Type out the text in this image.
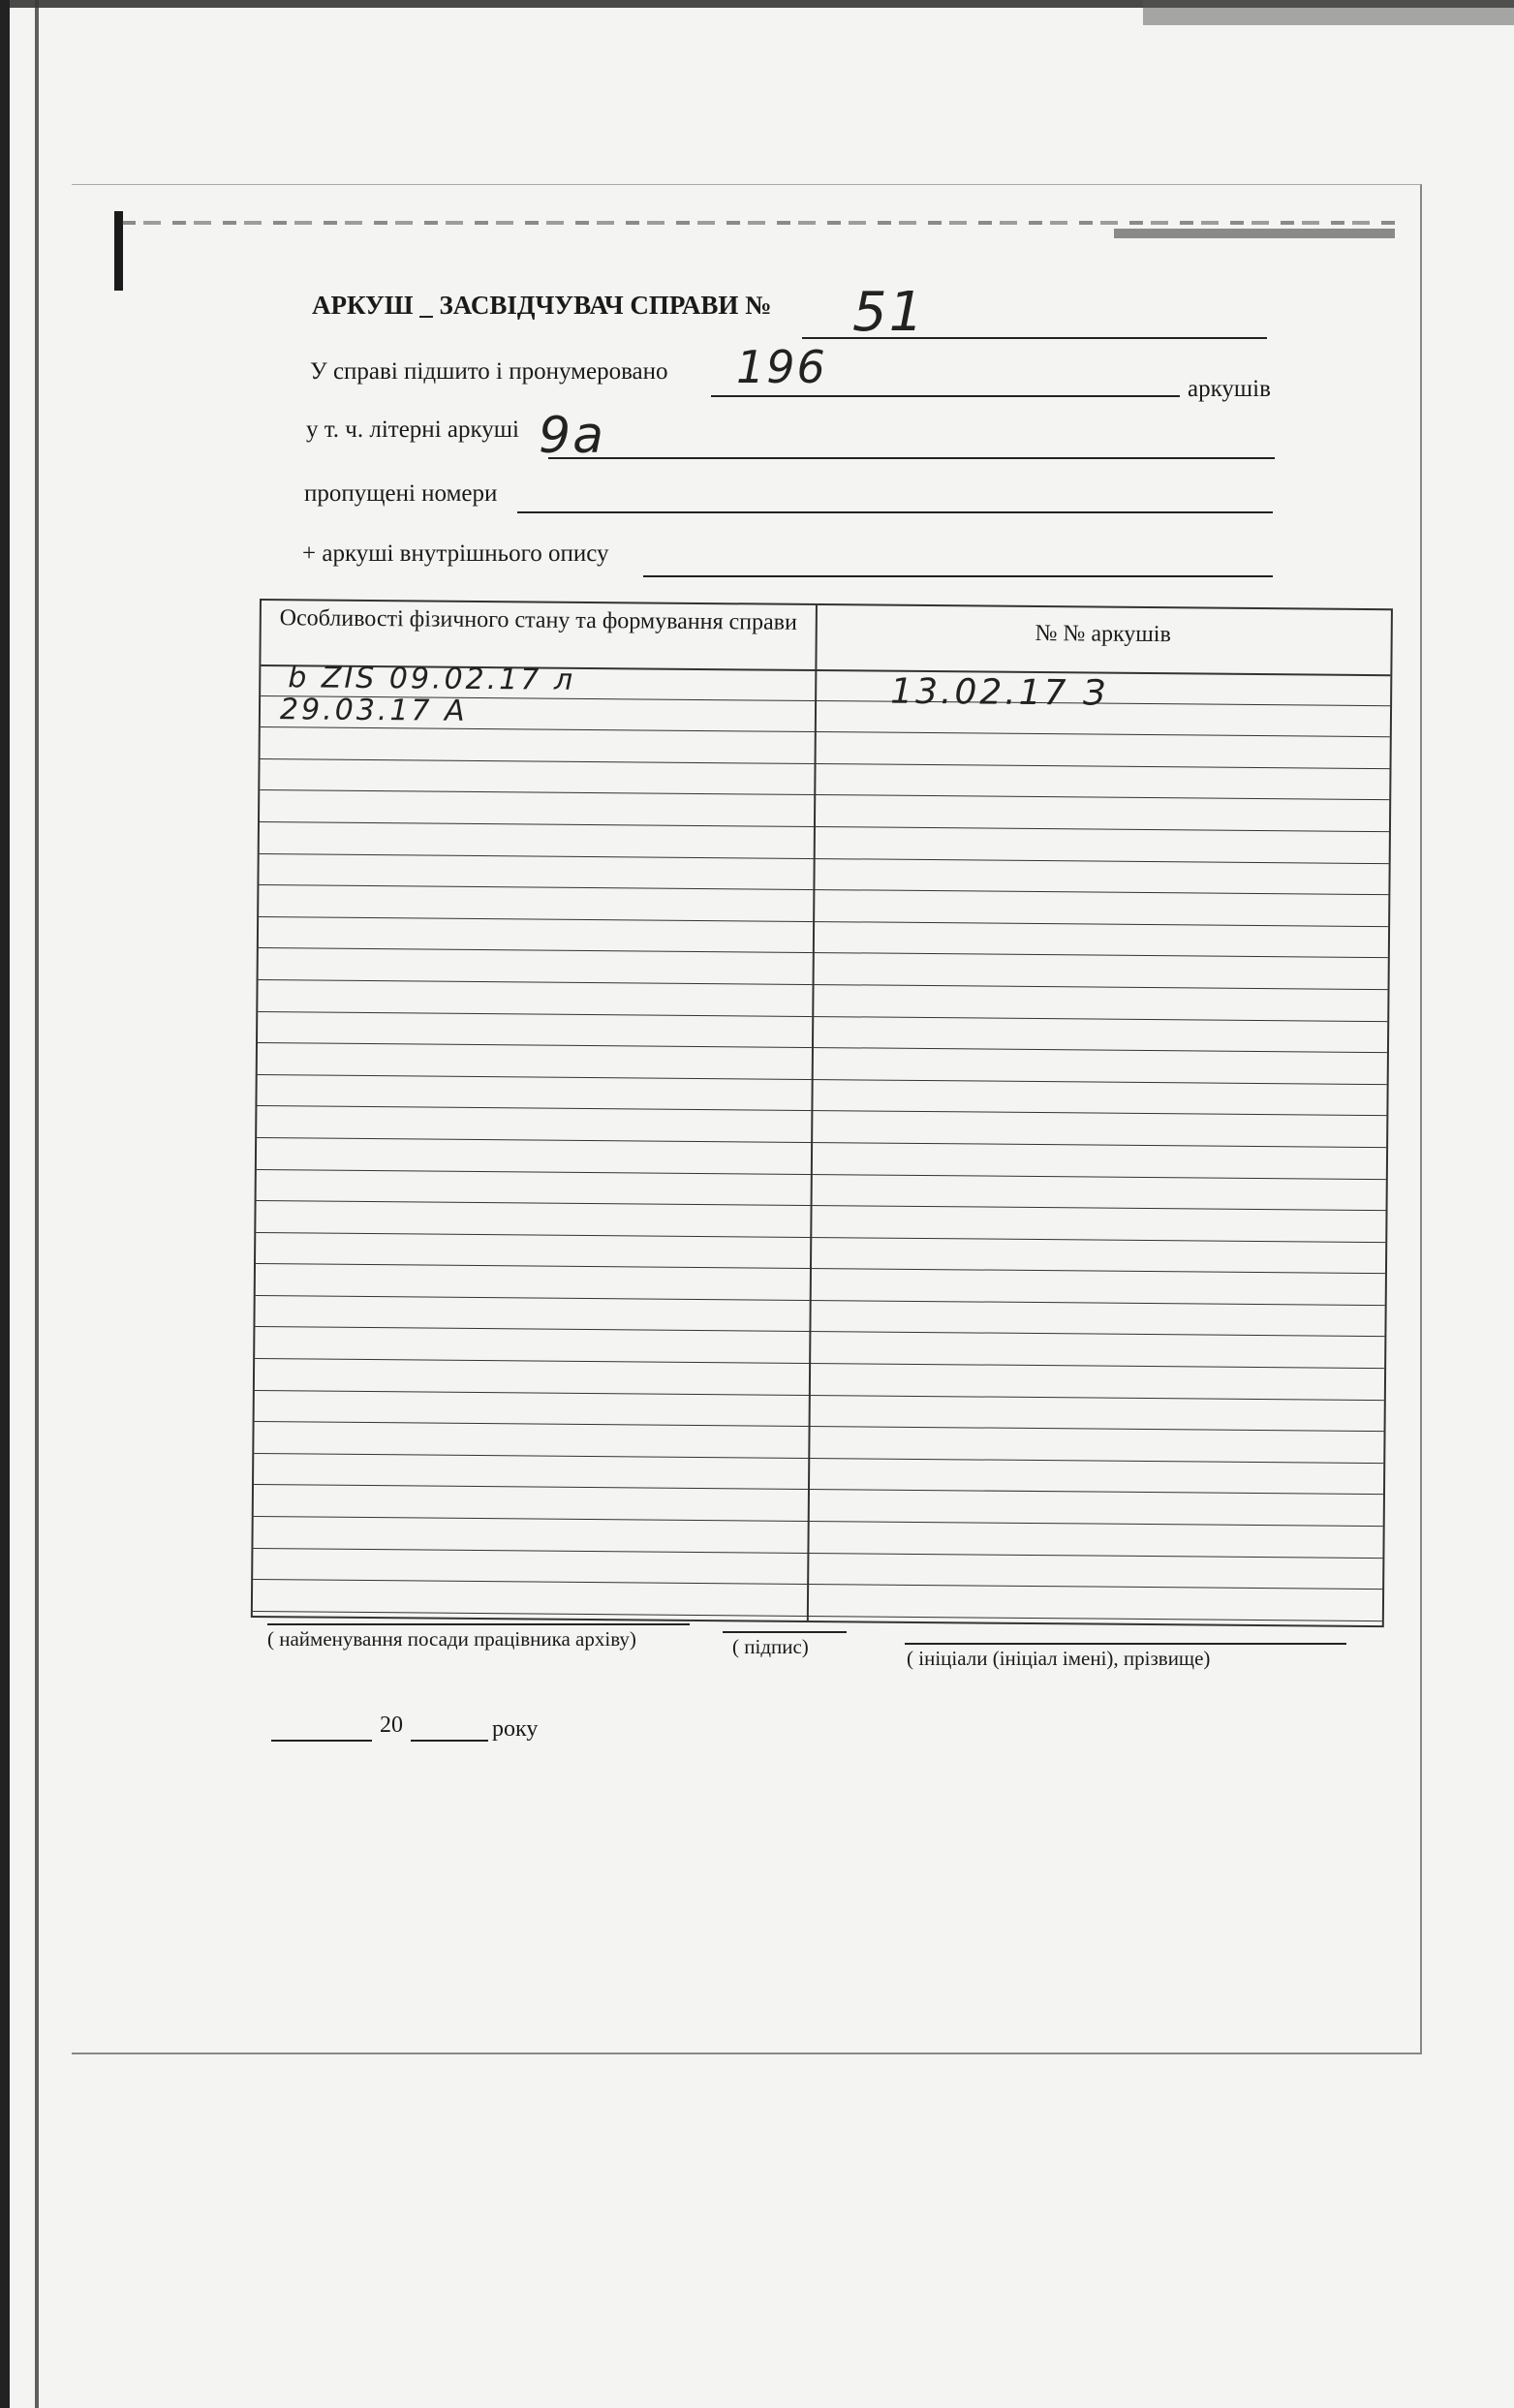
АРКУШ _ ЗАСВІДЧУВАЧ СПРАВИ № 51
У справі підшито і пронумеровано 196	аркушів
у т. ч. літерні аркуші 9а
пропущені номери
+ аркуші внутрішнього опису
Особливості фізичного стану та формування справи	№ № аркушів
b ZIS 09.02.17 л	13.02.17 З
29.03.17 А
( найменування посади працівника архіву)	( підпис)	( ініціали (ініціал імені), прізвище)
20	року
